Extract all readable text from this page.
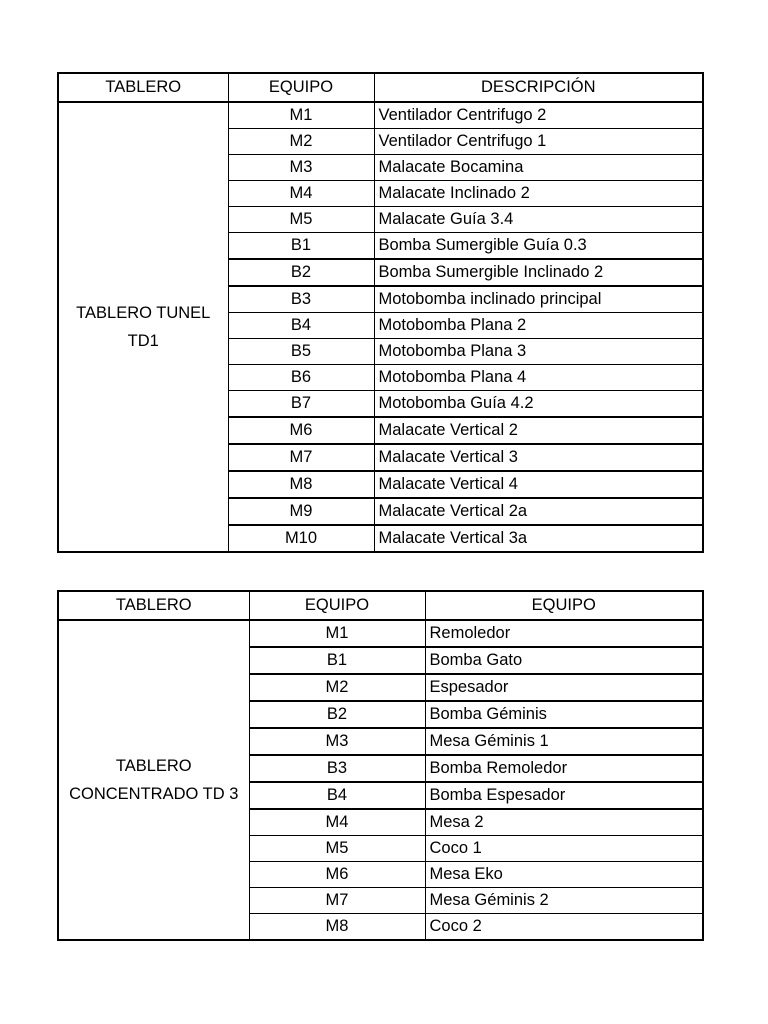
TABLERO	EQUIPO	DESCRIPCIÓN
TABLERO TUNEL TD1	M1	Ventilador Centrifugo 2
	M2	Ventilador Centrifugo 1
	M3	Malacate Bocamina
	M4	Malacate Inclinado 2
	M5	Malacate Guía 3.4
	B1	Bomba Sumergible Guía 0.3
	B2	Bomba Sumergible Inclinado 2
	B3	Motobomba inclinado principal
	B4	Motobomba Plana 2
	B5	Motobomba Plana 3
	B6	Motobomba Plana 4
	B7	Motobomba Guía 4.2
	M6	Malacate Vertical 2
	M7	Malacate Vertical 3
	M8	Malacate Vertical 4
	M9	Malacate Vertical 2a
	M10	Malacate Vertical 3a
TABLERO	EQUIPO	EQUIPO
TABLERO CONCENTRADO TD 3	M1	Remoledor
	B1	Bomba Gato
	M2	Espesador
	B2	Bomba Géminis
	M3	Mesa Géminis 1
	B3	Bomba Remoledor
	B4	Bomba Espesador
	M4	Mesa 2
	M5	Coco 1
	M6	Mesa Eko
	M7	Mesa Géminis 2
	M8	Coco 2
